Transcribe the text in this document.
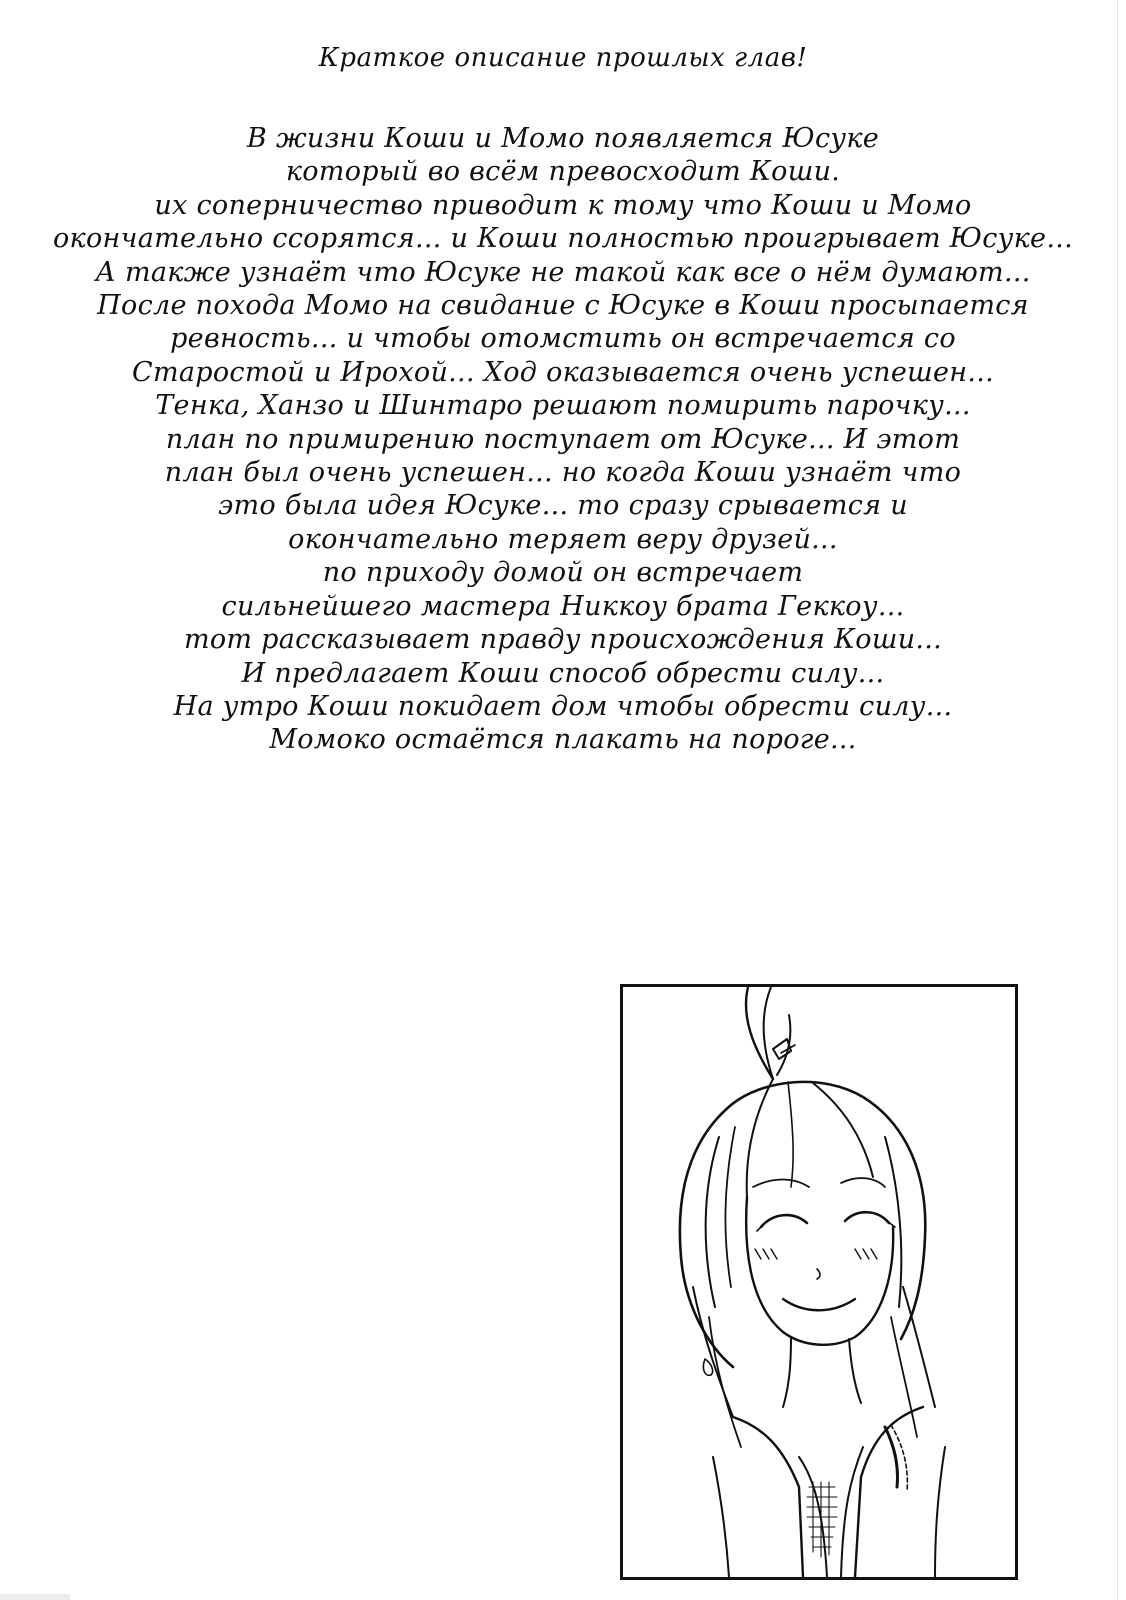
Краткое описание прошлых глав!

В жизни Коши и Момо появляется Юсуке
который во всём превосходит Коши.
их соперничество приводит к тому что Коши и Момо
окончательно ссорятся... и Коши полностью проигрывает Юсуке...
А также узнаёт что Юсуке не такой как все о нём думают...
После похода Момо на свидание с Юсуке в Коши просыпается
ревность... и чтобы отомстить он встречается со
Старостой и Ирохой... Ход оказывается очень успешен...
Тенка, Ханзо и Шинтаро решают помирить парочку...
план по примирению поступает от Юсуке... И этот
план был очень успешен... но когда Коши узнаёт что
это была идея Юсуке... то сразу срывается и
окончательно теряет веру друзей...
по приходу домой он встречает
сильнейшего мастера Никкоу брата Геккоу...
тот рассказывает правду происхождения Коши...
И предлагает Коши способ обрести силу...
На утро Коши покидает дом чтобы обрести силу...
Момоко остаётся плакать на пороге...
